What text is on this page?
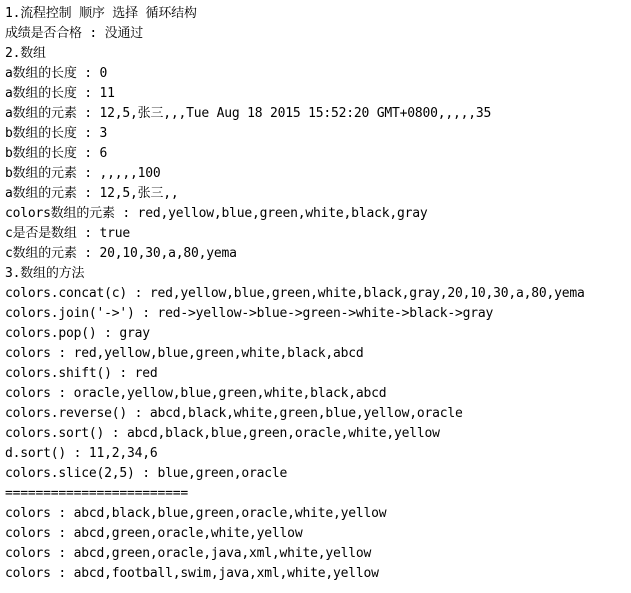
1.流程控制 顺序 选择 循环结构
成绩是否合格 : 没通过
2.数组
a数组的长度 : 0
a数组的长度 : 11
a数组的元素 : 12,5,张三,,,Tue Aug 18 2015 15:52:20 GMT+0800,,,,,35
b数组的长度 : 3
b数组的长度 : 6
b数组的元素 : ,,,,,100
a数组的元素 : 12,5,张三,,
colors数组的元素 : red,yellow,blue,green,white,black,gray
c是否是数组 : true
c数组的元素 : 20,10,30,a,80,yema
3.数组的方法
colors.concat(c) : red,yellow,blue,green,white,black,gray,20,10,30,a,80,yema
colors.join('->') : red->yellow->blue->green->white->black->gray
colors.pop() : gray
colors : red,yellow,blue,green,white,black,abcd
colors.shift() : red
colors : oracle,yellow,blue,green,white,black,abcd
colors.reverse() : abcd,black,white,green,blue,yellow,oracle
colors.sort() : abcd,black,blue,green,oracle,white,yellow
d.sort() : 11,2,34,6
colors.slice(2,5) : blue,green,oracle
========================
colors : abcd,black,blue,green,oracle,white,yellow
colors : abcd,green,oracle,white,yellow
colors : abcd,green,oracle,java,xml,white,yellow
colors : abcd,football,swim,java,xml,white,yellow
